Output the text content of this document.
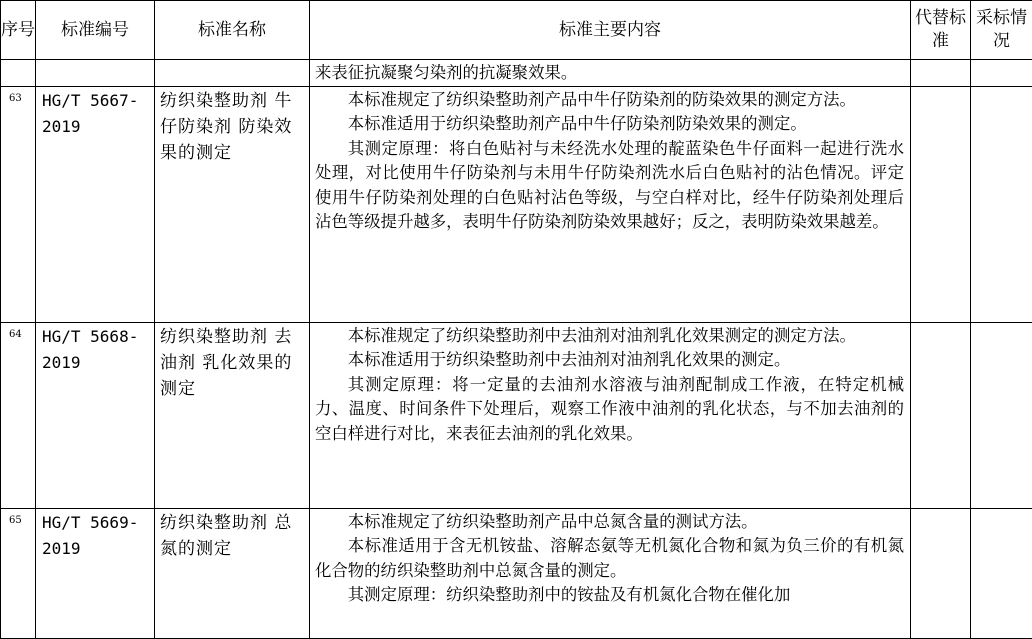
序号	标准编号	标准名称	标准主要内容	代替标准	采标情况

			来表征抗凝聚匀染剂的抗凝聚效果。		

63	HG/T 5667-2019	纺织染整助剂 牛仔防染剂 防染效果的测定	本标准规定了纺织染整助剂产品中牛仔防染剂的防染效果的测定方法。

本标准适用于纺织染整助剂产品中牛仔防染剂防染效果的测定。

其测定原理：将白色贴衬与未经洗水处理的靛蓝染色牛仔面料一起进行洗水处理，对比使用牛仔防染剂与未用牛仔防染剂洗水后白色贴衬的沾色情况。评定使用牛仔防染剂处理的白色贴衬沾色等级，与空白样对比，经牛仔防染剂处理后沾色等级提升越多，表明牛仔防染剂防染效果越好；反之，表明防染效果越差。		

64	HG/T 5668-2019	纺织染整助剂 去油剂 乳化效果的测定	本标准规定了纺织染整助剂中去油剂对油剂乳化效果测定的测定方法。

本标准适用于纺织染整助剂中去油剂对油剂乳化效果的测定。

其测定原理：将一定量的去油剂水溶液与油剂配制成工作液，在特定机械力、温度、时间条件下处理后，观察工作液中油剂的乳化状态，与不加去油剂的空白样进行对比，来表征去油剂的乳化效果。		

65	HG/T 5669-2019	纺织染整助剂 总氮的测定	本标准规定了纺织染整助剂产品中总氮含量的测试方法。

本标准适用于含无机铵盐、溶解态氨等无机氮化合物和氮为负三价的有机氮化合物的纺织染整助剂中总氮含量的测定。

其测定原理：纺织染整助剂中的铵盐及有机氮化合物在催化加		
